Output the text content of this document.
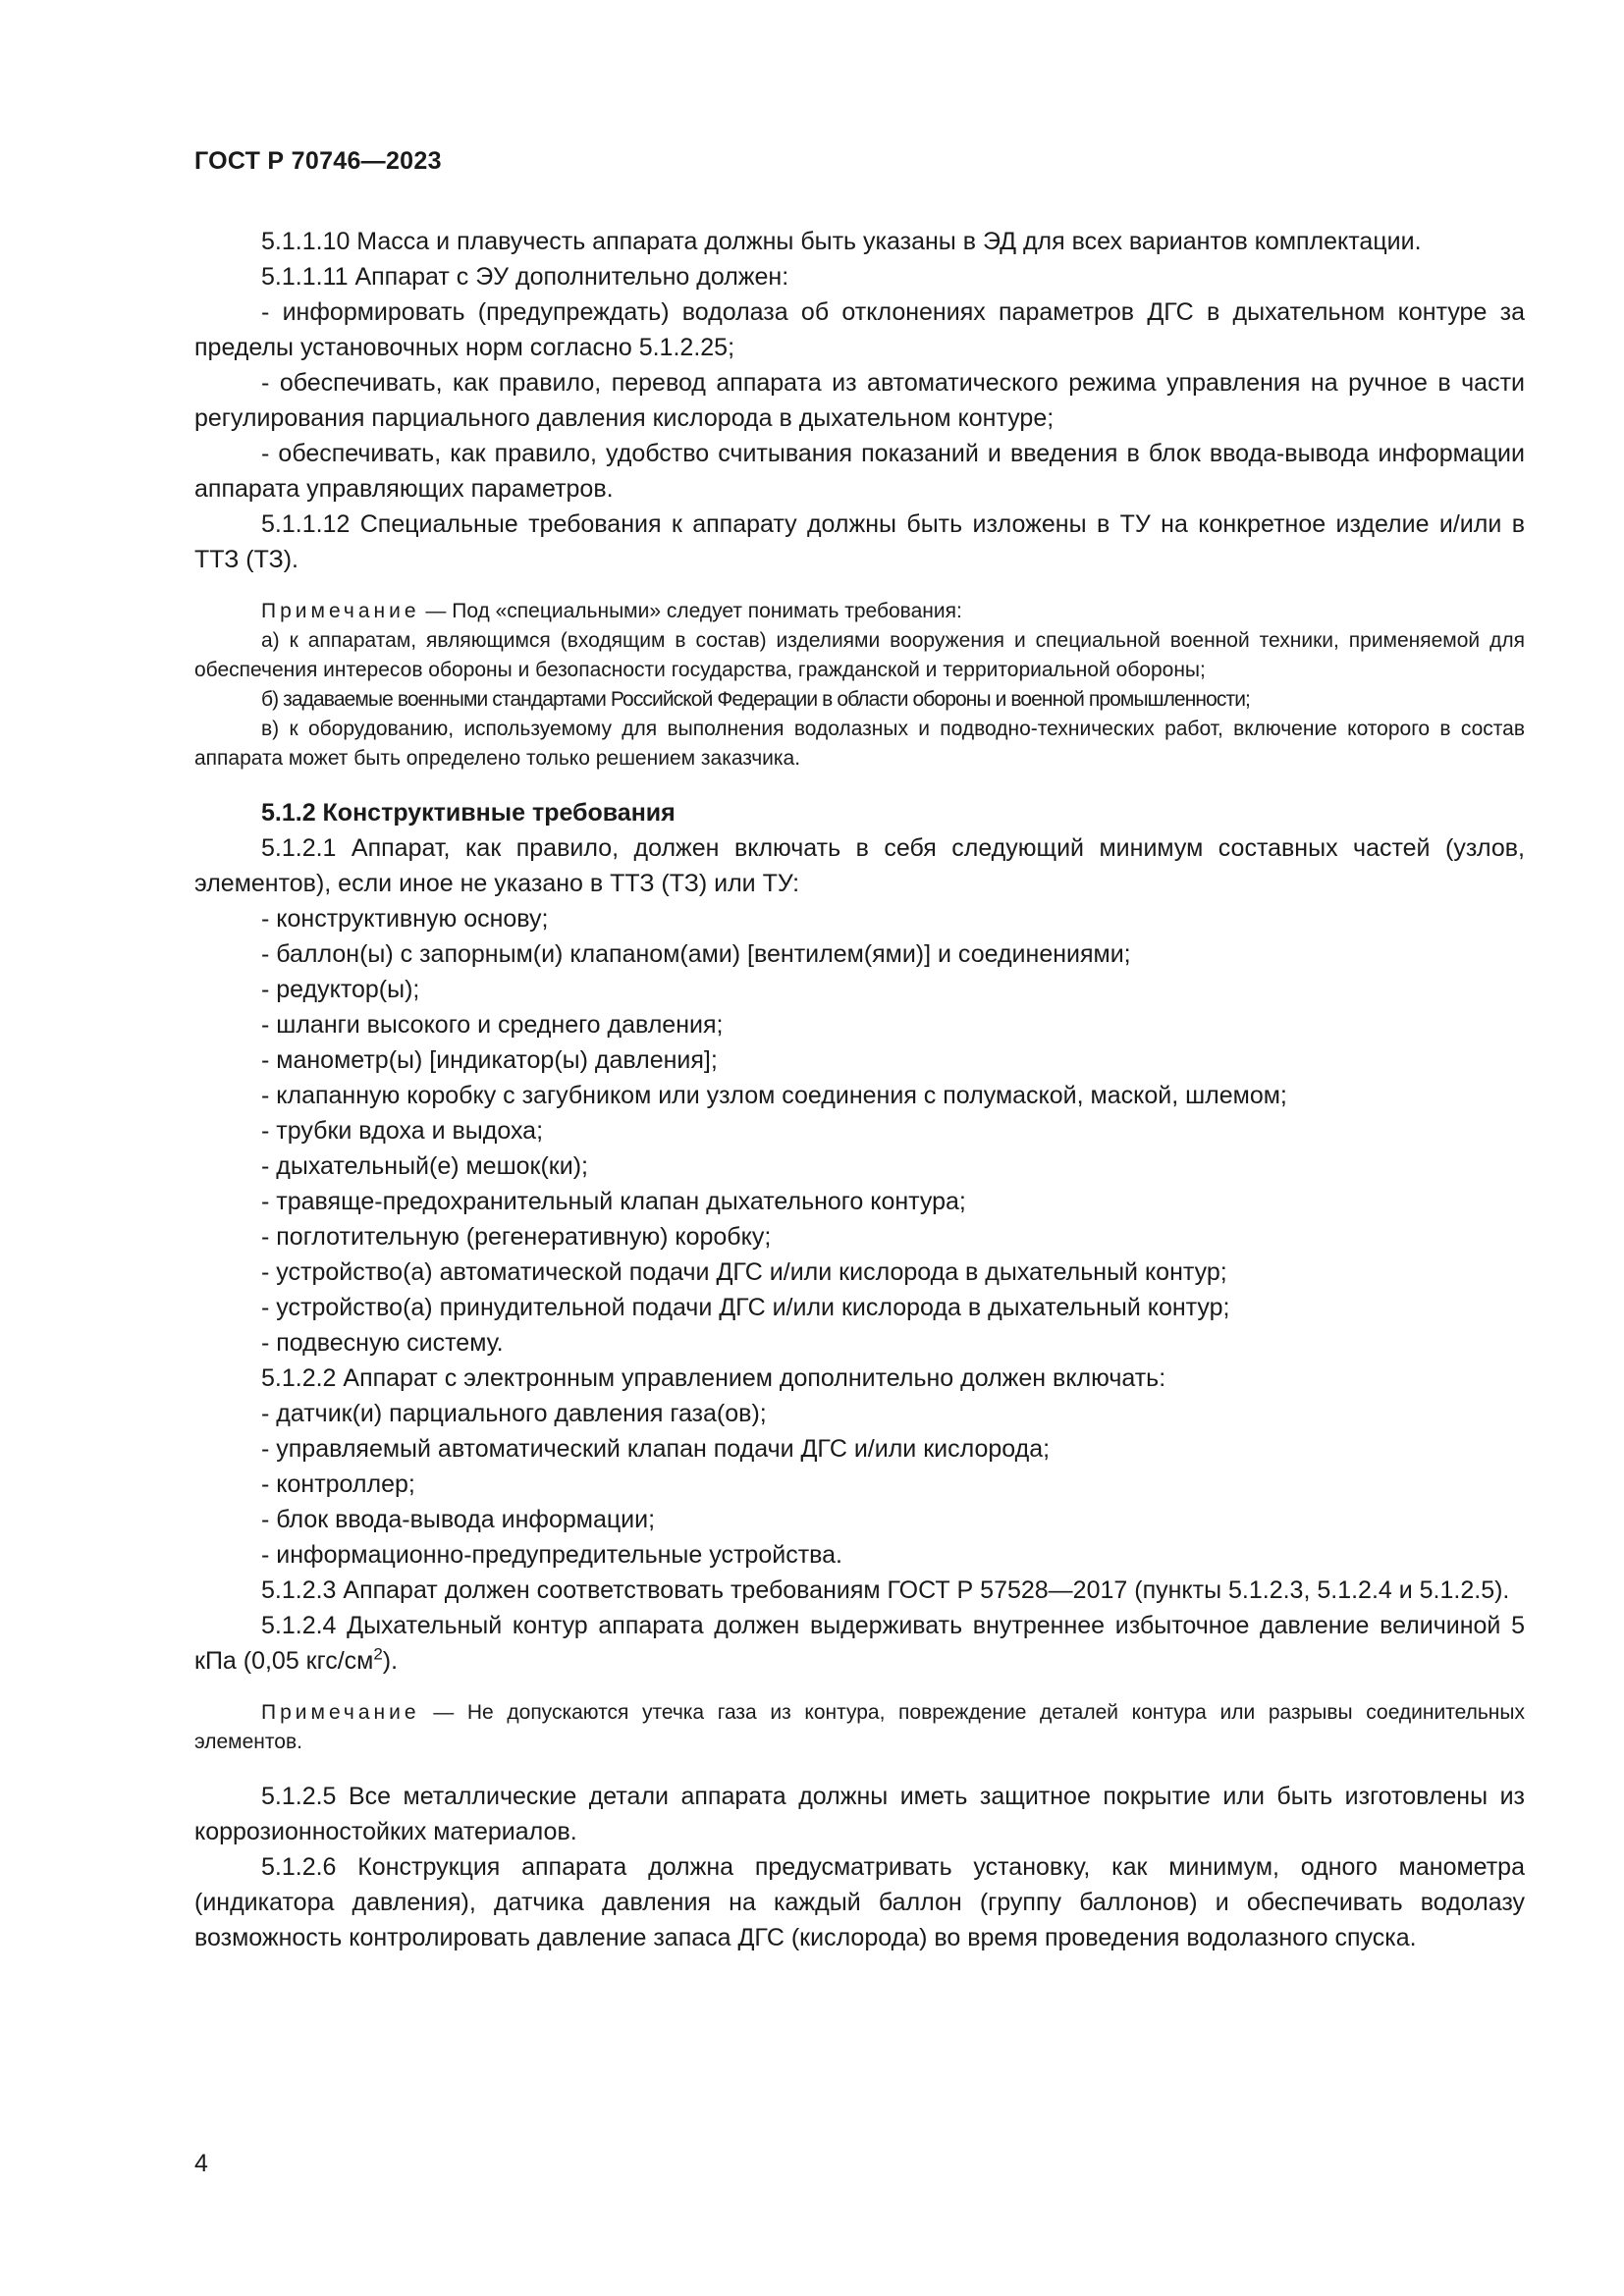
ГОСТ Р 70746—2023

5.1.1.10 Масса и плавучесть аппарата должны быть указаны в ЭД для всех вариантов комплектации.

5.1.1.11 Аппарат с ЭУ дополнительно должен:

- информировать (предупреждать) водолаза об отклонениях параметров ДГС в дыхательном контуре за пределы установочных норм согласно 5.1.2.25;

- обеспечивать, как правило, перевод аппарата из автоматического режима управления на ручное в части регулирования парциального давления кислорода в дыхательном контуре;

- обеспечивать, как правило, удобство считывания показаний и введения в блок ввода-вывода информации аппарата управляющих параметров.

5.1.1.12 Специальные требования к аппарату должны быть изложены в ТУ на конкретное изделие и/или в ТТЗ (ТЗ).

Примечание — Под «специальными» следует понимать требования:

а) к аппаратам, являющимся (входящим в состав) изделиями вооружения и специальной военной техники, применяемой для обеспечения интересов обороны и безопасности государства, гражданской и территориальной обороны;

б) задаваемые военными стандартами Российской Федерации в области обороны и военной промышленности;

в) к оборудованию, используемому для выполнения водолазных и подводно-технических работ, включение которого в состав аппарата может быть определено только решением заказчика.

5.1.2 Конструктивные требования

5.1.2.1 Аппарат, как правило, должен включать в себя следующий минимум составных частей (узлов, элементов), если иное не указано в ТТЗ (ТЗ) или ТУ:

- конструктивную основу;

- баллон(ы) с запорным(и) клапаном(ами) [вентилем(ями)] и соединениями;

- редуктор(ы);

- шланги высокого и среднего давления;

- манометр(ы) [индикатор(ы) давления];

- клапанную коробку с загубником или узлом соединения с полумаской, маской, шлемом;

- трубки вдоха и выдоха;

- дыхательный(е) мешок(ки);

- травяще-предохранительный клапан дыхательного контура;

- поглотительную (регенеративную) коробку;

- устройство(а) автоматической подачи ДГС и/или кислорода в дыхательный контур;

- устройство(а) принудительной подачи ДГС и/или кислорода в дыхательный контур;

- подвесную систему.

5.1.2.2 Аппарат с электронным управлением дополнительно должен включать:

- датчик(и) парциального давления газа(ов);

- управляемый автоматический клапан подачи ДГС и/или кислорода;

- контроллер;

- блок ввода-вывода информации;

- информационно-предупредительные устройства.

5.1.2.3 Аппарат должен соответствовать требованиям ГОСТ Р 57528—2017 (пункты 5.1.2.3, 5.1.2.4 и 5.1.2.5).

5.1.2.4 Дыхательный контур аппарата должен выдерживать внутреннее избыточное давление величиной 5 кПа (0,05 кгс/$см^2$).

Примечание — Не допускаются утечка газа из контура, повреждение деталей контура или разрывы соединительных элементов.

5.1.2.5 Все металлические детали аппарата должны иметь защитное покрытие или быть изготовлены из коррозионностойких материалов.

5.1.2.6 Конструкция аппарата должна предусматривать установку, как минимум, одного манометра (индикатора давления), датчика давления на каждый баллон (группу баллонов) и обеспечивать водолазу возможность контролировать давление запаса ДГС (кислорода) во время проведения водолазного спуска.

4
